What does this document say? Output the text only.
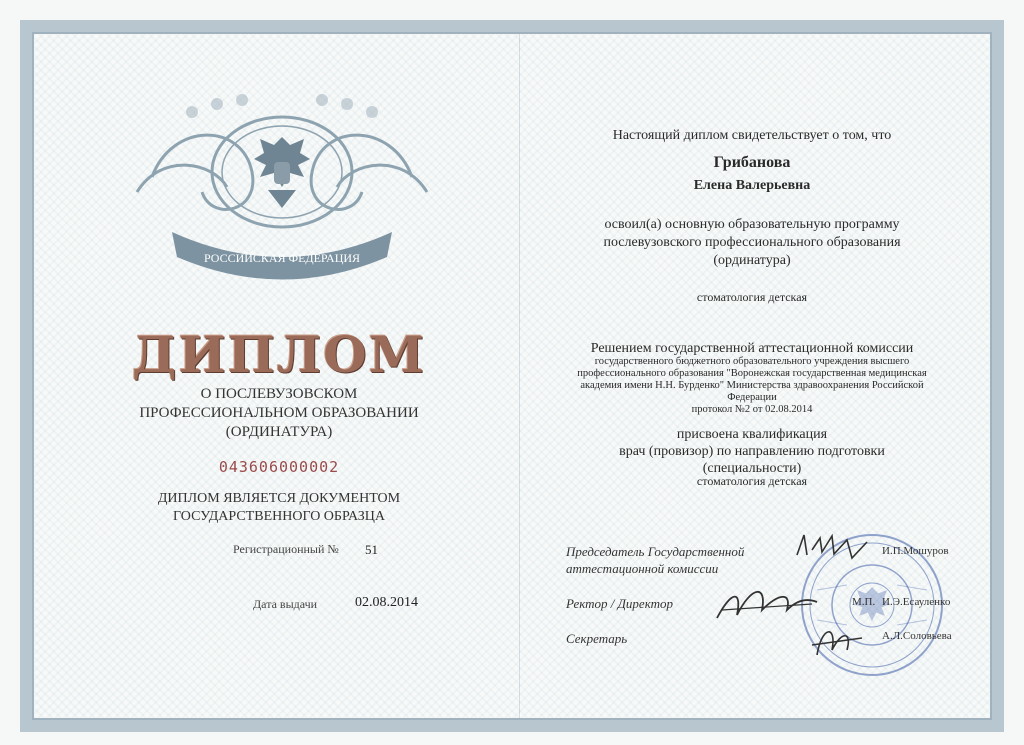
РОССИЙСКАЯ ФЕДЕРАЦИЯ
ДИПЛОМ
О ПОСЛЕВУЗОВСКОМ
ПРОФЕССИОНАЛЬНОМ ОБРАЗОВАНИИ
(ОРДИНАТУРА)
043606000002
ДИПЛОМ ЯВЛЯЕТСЯ ДОКУМЕНТОМ
ГОСУДАРСТВЕННОГО ОБРАЗЦА
Регистрационный № 51
Дата выдачи	02.08.2014
Настоящий диплом свидетельствует о том, что
Грибанова
Елена Валерьевна
освоил(а) основную образовательную программу
послевузовского профессионального образования
(ординатура)
стоматология детская
Решением государственной аттестационной комиссии
государственного бюджетного образовательного учреждения высшего
профессионального образования "Воронежская государственная медицинская
академия имени Н.Н. Бурденко" Министерства здравоохранения Российской
Федерации
протокол №2 от 02.08.2014
присвоена квалификация
врач (провизор) по направлению подготовки
(специальности)
стоматология детская
Председатель Государственной
аттестационной комиссии
И.П.Мошуров
Ректор / Директор	М.П. И.Э.Есауленко
Секретарь	А.Л.Соловьева
